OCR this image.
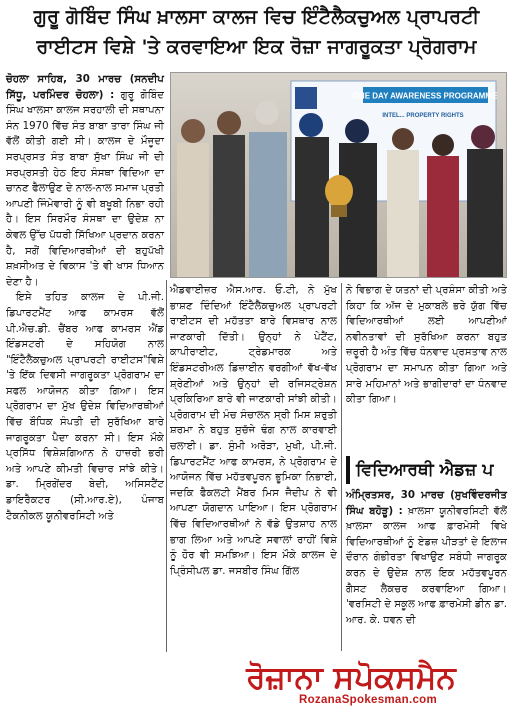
ਗੁਰੂ ਗੋਬਿੰਦ ਸਿੰਘ ਖ਼ਾਲਸਾ ਕਾਲਜ ਵਿਚ ਇੰਟੈਲੈਕਚੁਅਲ ਪ੍ਰਾਪਰਟੀ
ਰਾਈਟਸ ਵਿਸ਼ੇ 'ਤੇ ਕਰਵਾਇਆ ਇਕ ਰੋਜ਼ਾ ਜਾਗਰੂਕਤਾ ਪ੍ਰੋਗਰਾਮ

ਚੋਹਲਾ ਸਾਹਿਬ, 30 ਮਾਰਚ (ਸਨਦੀਪ ਸਿੱਧੂ, ਪਰਮਿੰਦਰ ਚੋਹਲਾ) : ਗੁਰੂ ਗੋਬਿੰਦ ਸਿੰਘ ਖਾਲਸਾ ਕਾਲਜ ਸਰਹਾਲੀ ਦੀ ਸਥਾਪਨਾ ਸੰਨ 1970 ਵਿੱਚ ਸੰਤ ਬਾਬਾ ਤਾਰਾ ਸਿੰਘ ਜੀ ਵੱਲੋਂ ਕੀਤੀ ਗਈ ਸੀ। ਕਾਲਜ ਦੇ ਮੌਜੂਦਾ ਸਰਪ੍ਰਸਤ ਸੰਤ ਬਾਬਾ ਸੁੱਖਾ ਸਿੰਘ ਜੀ ਦੀ ਸਰਪ੍ਰਸਤੀ ਹੇਠ ਇਹ ਸੰਸਥਾ ਵਿਦਿਆ ਦਾ ਚਾਨਣ ਫੈਲਾਉਣ ਦੇ ਨਾਲ-ਨਾਲ ਸਮਾਜ ਪ੍ਰਤੀ ਆਪਣੀ ਜਿੰਮੇਵਾਰੀ ਨੂੰ ਵੀ ਬਖੂਬੀ ਨਿਭਾ ਰਹੀ ਹੈ। ਇਸ ਸਿਰਮੌਰ ਸੰਸਥਾ ਦਾ ਉਦੇਸ਼ ਨਾ ਕੇਵਲ ਉੱਚ ਪੱਧਰੀ ਸਿੱਖਿਆ ਪ੍ਰਦਾਨ ਕਰਨਾ ਹੈ, ਸਗੋਂ ਵਿਦਿਆਰਥੀਆਂ ਦੀ ਬਹੁਪੱਖੀ ਸ਼ਖ਼ਸੀਅਤ ਦੇ ਵਿਕਾਸ 'ਤੇ ਵੀ ਖਾਸ ਧਿਆਨ ਦੇਣਾ ਹੈ।

ਇਸੇ ਤਹਿਤ ਕਾਲਜ ਦੇ ਪੀ.ਜੀ. ਡਿਪਾਰਟਮੈਂਟ ਆਫ ਕਾਮਰਸ ਵੱਲੋਂ ਪੀ.ਐਚ.ਡੀ. ਚੈਂਬਰ ਆਫ ਕਾਮਰਸ ਐਂਡ ਇੰਡਸਟਰੀ ਦੇ ਸਹਿਯੋਗ ਨਾਲ "ਇੰਟੈਲੈਕਚੁਅਲ ਪ੍ਰਾਪਰਟੀ ਰਾਈਟਸ"ਵਿਸ਼ੇ 'ਤੇ ਇੱਕ ਦਿਵਸੀ ਜਾਗਰੂਕਤਾ ਪ੍ਰੋਗਰਾਮ ਦਾ ਸਫਲ ਆਯੋਜਨ ਕੀਤਾ ਗਿਆ। ਇਸ ਪ੍ਰੋਗਰਾਮ ਦਾ ਮੁੱਖ ਉਦੇਸ਼ ਵਿਦਿਆਰਥੀਆਂ ਵਿੱਚ ਬੌਧਿਕ ਸੰਪਤੀ ਦੀ ਸੁਰੱਖਿਆ ਬਾਰੇ ਜਾਗਰੂਕਤਾ ਪੈਦਾ ਕਰਨਾ ਸੀ। ਇਸ ਮੌਕੇ ਪ੍ਰਸਿੱਧ ਵਿਸ਼ੇਸ਼ਗਿਆਨ ਨੇ ਹਾਜ਼ਰੀ ਭਰੀ ਅਤੇ ਆਪਣੇ ਕੀਮਤੀ ਵਿਚਾਰ ਸਾਂਝੇ ਕੀਤੇ। ਡਾ. ਮ੍ਰਿਗੇਂਦਰ ਬੇਦੀ, ਅਸਿਸਟੈਂਟ ਡਾਇਰੈਕਟਰ (ਸੀ.ਆਰ.ਏ), ਪੰਜਾਬ ਟੈਕਨੀਕਲ ਯੂਨੀਵਰਸਿਟੀ ਅਤੇ

ONE DAY AWARENESS PROGRAMME
INTEL... PROPERTY RIGHTS

ਐਡਵਾਈਜ਼ਰ ਐਸ.ਆਰ. ਓ.ਟੀ, ਨੇ ਮੁੱਖ ਭਾਸ਼ਣ ਦਿੰਦਿਆਂ ਇੰਟੈਲੈਕਚੁਅਲ ਪ੍ਰਾਪਰਟੀ ਰਾਈਟਸ ਦੀ ਮਹੱਤਤਾ ਬਾਰੇ ਵਿਸਥਾਰ ਨਾਲ ਜਾਣਕਾਰੀ ਦਿੱਤੀ। ਉਨ੍ਹਾਂ ਨੇ ਪੇਟੈਂਟ, ਕਾਪੀਰਾਈਟ, ਟ੍ਰੇਡਮਾਰਕ ਅਤੇ ਇੰਡਸਟਰੀਅਲ ਡਿਜ਼ਾਈਨ ਵਰਗੀਆਂ ਵੱਖ-ਵੱਖ ਸ਼੍ਰੇਣੀਆਂ ਅਤੇ ਉਨ੍ਹਾਂ ਦੀ ਰਜਿਸਟ੍ਰੇਸ਼ਨ ਪ੍ਰਕਿਰਿਆ ਬਾਰੇ ਵੀ ਜਾਣਕਾਰੀ ਸਾਂਝੀ ਕੀਤੀ। ਪ੍ਰੋਗਰਾਮ ਦੀ ਮੰਚ ਸੰਚਾਲਨ ਸ੍ਰੀ ਮਿਸ ਸ਼ਰੁਤੀ ਸ਼ਰਮਾ ਨੇ ਬਹੁਤ ਸੁਚੱਜੇ ਢੰਗ ਨਾਲ ਕਾਰਵਾਈ ਚਲਾਈ। ਡਾ. ਸੁੰਮੀ ਅਰੋੜਾ, ਮੁਖੀ, ਪੀ.ਜੀ. ਡਿਪਾਰਟਮੈਂਟ ਆਫ ਕਾਮਰਸ, ਨੇ ਪ੍ਰੋਗਰਾਮ ਦੇ ਆਯੋਜਨ ਵਿੱਚ ਮਹੱਤਵਪੂਰਨ ਭੂਮਿਕਾ ਨਿਭਾਈ, ਜਦਕਿ ਫੈਕਲਟੀ ਮੈਂਬਰ ਮਿਸ ਜੈਦੀਪ ਨੇ ਵੀ ਆਪਣਾ ਯੋਗਦਾਨ ਪਾਇਆ। ਇਸ ਪ੍ਰੋਗਰਾਮ ਵਿੱਚ ਵਿਦਿਆਰਥੀਆਂ ਨੇ ਵੱਡੇ ਉਤਸ਼ਾਹ ਨਾਲ ਭਾਗ ਲਿਆ ਅਤੇ ਆਪਣੇ ਸਵਾਲਾਂ ਰਾਹੀਂ ਵਿਸ਼ੇ ਨੂੰ ਹੋਰ ਵੀ ਸਮਝਿਆ। ਇਸ ਮੌਕੇ ਕਾਲਜ ਦੇ ਪ੍ਰਿੰਸੀਪਲ ਡਾ. ਜਸਬੀਰ ਸਿੰਘ ਗਿੱਲ

ਨੇ ਵਿਭਾਗ ਦੇ ਯਤਨਾਂ ਦੀ ਪ੍ਰਸ਼ੰਸਾ ਕੀਤੀ ਅਤੇ ਕਿਹਾ ਕਿ ਅੱਜ ਦੇ ਮੁਕਾਬਲੇ ਭਰੇ ਯੁੱਗ ਵਿੱਚ ਵਿਦਿਆਰਥੀਆਂ ਲਈ ਆਪਣੀਆਂ ਨਵੀਨਤਾਵਾਂ ਦੀ ਸੁਰੱਖਿਆ ਕਰਨਾ ਬਹੁਤ ਜ਼ਰੂਰੀ ਹੈ ਅੰਤ ਵਿੱਚ ਧੰਨਵਾਦ ਪ੍ਰਸਤਾਵ ਨਾਲ ਪ੍ਰੋਗਰਾਮ ਦਾ ਸਮਾਪਨ ਕੀਤਾ ਗਿਆ ਅਤੇ ਸਾਰੇ ਮਹਿਮਾਨਾਂ ਅਤੇ ਭਾਗੀਦਾਰਾਂ ਦਾ ਧੰਨਵਾਦ ਕੀਤਾ ਗਿਆ।

ਵਿਦਿਆਰਥੀ ਐਡਜ਼ ਪ

ਅੰਮ੍ਰਿਤਸਰ, 30 ਮਾਰਚ (ਸੁਖਵਿੰਦਰਜੀਤ ਸਿੰਘ ਬਹੋੜੂ) : ਖ਼ਾਲਸਾ ਯੂਨੀਵਰਸਿਟੀ ਵੱਲੋਂ ਖ਼ਾਲਸਾ ਕਾਲਜ ਆਫ ਫ਼ਾਰਮੇਸੀ ਵਿਖੇ ਵਿਦਿਆਰਥੀਆਂ ਨੂੰ ਏਡਜ਼ ਪੀੜਤਾਂ ਦੇ ਇਲਾਜ ਦੌਰਾਨ ਗੰਭੀਰਤਾ ਵਿਖਾਉਣ ਸਬੰਧੀ ਜਾਗਰੂਕ ਕਰਨ ਦੇ ਉਦੇਸ਼ ਨਾਲ ਇਕ ਮਹੱਤਵਪੂਰਨ ਗੈਸਟ ਲੈਕਚਰ ਕਰਵਾਇਆ ਗਿਆ। 'ਵਰਸਿਟੀ ਦੇ ਸਕੂਲ ਆਫ ਫ਼ਾਰਮੇਸੀ ਡੀਨ ਡਾ. ਆਰ. ਕੇ. ਧਵਨ ਦੀ

ਰੋਜ਼ਾਨਾ ਸਪੋਕਸਮੈਨ
RozanaSpokesman.com
